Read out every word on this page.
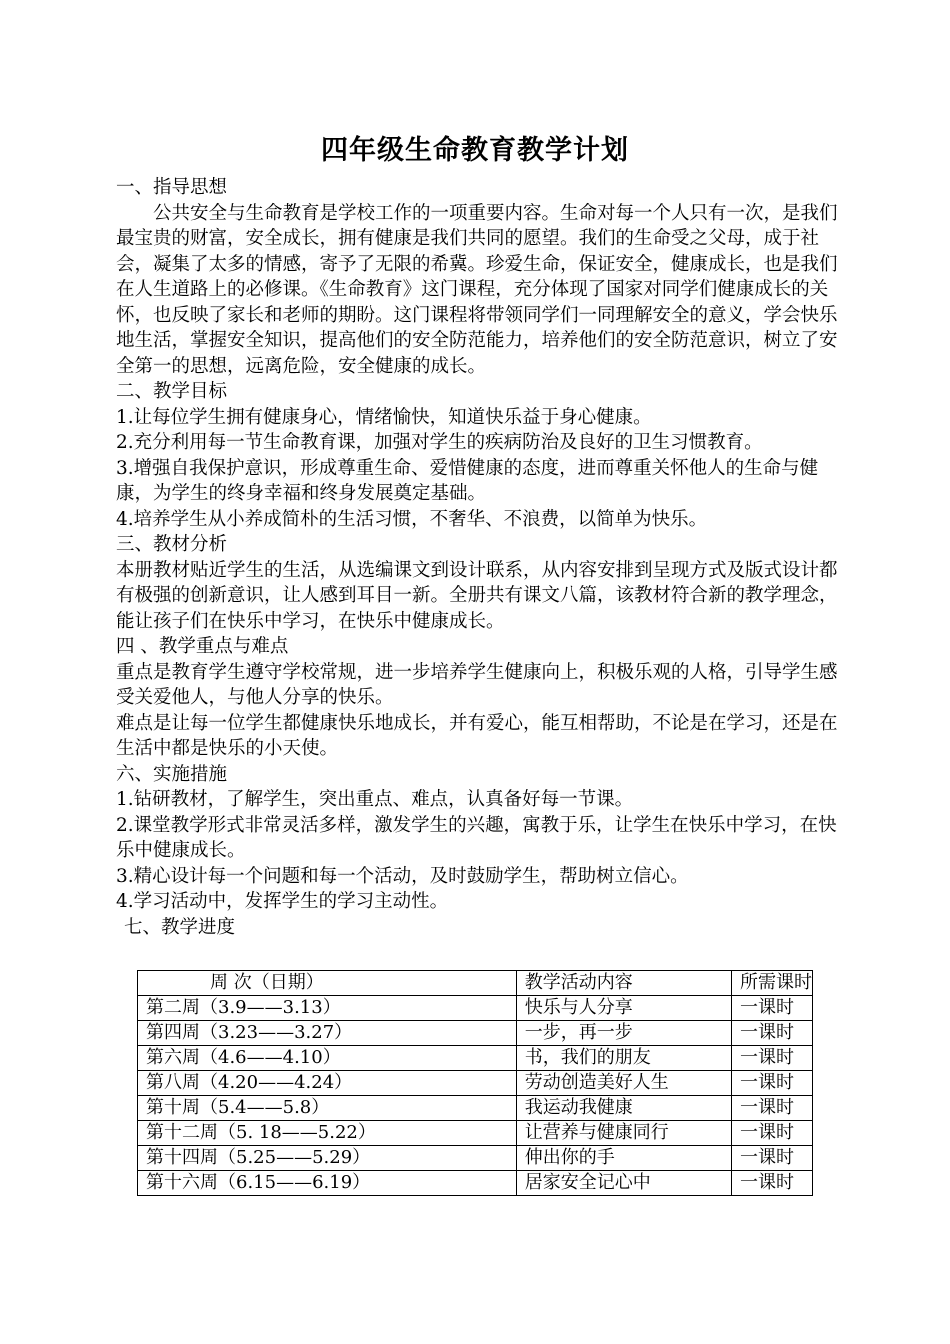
四年级生命教育教学计划

一、指导思想

公共安全与生命教育是学校工作的一项重要内容。生命对每一个人只有一次，是我们最宝贵的财富，安全成长，拥有健康是我们共同的愿望。我们的生命受之父母，成于社会，凝集了太多的情感，寄予了无限的希冀。珍爱生命，保证安全，健康成长，也是我们在人生道路上的必修课。《生命教育》这门课程，充分体现了国家对同学们健康成长的关怀，也反映了家长和老师的期盼。这门课程将带领同学们一同理解安全的意义，学会快乐地生活，掌握安全知识，提高他们的安全防范能力，培养他们的安全防范意识，树立了安全第一的思想，远离危险，安全健康的成长。

二、教学目标

1.让每位学生拥有健康身心，情绪愉快，知道快乐益于身心健康。

2.充分利用每一节生命教育课，加强对学生的疾病防治及良好的卫生习惯教育。

3.增强自我保护意识，形成尊重生命、爱惜健康的态度，进而尊重关怀他人的生命与健康，为学生的终身幸福和终身发展奠定基础。

4.培养学生从小养成简朴的生活习惯，不奢华、不浪费，以简单为快乐。

三、教材分析

本册教材贴近学生的生活，从选编课文到设计联系，从内容安排到呈现方式及版式设计都有极强的创新意识，让人感到耳目一新。全册共有课文八篇，该教材符合新的教学理念，能让孩子们在快乐中学习，在快乐中健康成长。

四 、教学重点与难点

重点是教育学生遵守学校常规，进一步培养学生健康向上，积极乐观的人格，引导学生感受关爱他人，与他人分享的快乐。

难点是让每一位学生都健康快乐地成长，并有爱心，能互相帮助，不论是在学习，还是在生活中都是快乐的小天使。

六、实施措施

1.钻研教材，了解学生，突出重点、难点，认真备好每一节课。

2.课堂教学形式非常灵活多样，激发学生的兴趣，寓教于乐，让学生在快乐中学习，在快乐中健康成长。

3.精心设计每一个问题和每一个活动，及时鼓励学生，帮助树立信心。

4.学习活动中，发挥学生的学习主动性。

七、教学进度

周 次（日期）	教学活动内容	所需课时
第二周（3.9——3.13）	快乐与人分享	一课时
第四周（3.23——3.27）	一步，再一步	一课时
第六周（4.6——4.10）	书，我们的朋友	一课时
第八周（4.20——4.24）	劳动创造美好人生	一课时
第十周（5.4——5.8）	我运动我健康	一课时
第十二周（5. 18——5.22）	让营养与健康同行	一课时
第十四周（5.25——5.29）	伸出你的手	一课时
第十六周（6.15——6.19）	居家安全记心中	一课时
